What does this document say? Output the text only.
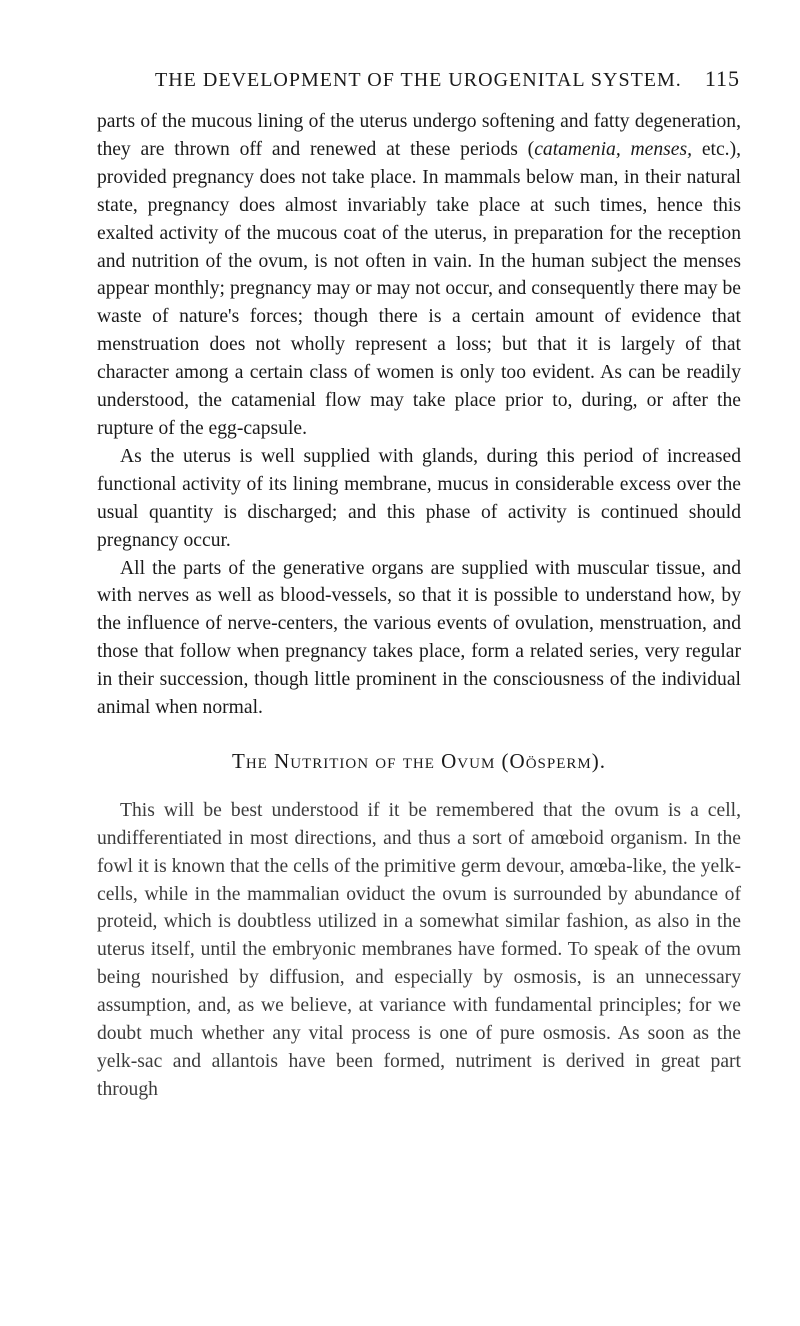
THE DEVELOPMENT OF THE UROGENITAL SYSTEM.	115

parts of the mucous lining of the uterus undergo softening and fatty degeneration, they are thrown off and renewed at these periods (catamenia, menses, etc.), provided pregnancy does not take place. In mammals below man, in their natural state, pregnancy does almost invariably take place at such times, hence this exalted activity of the mucous coat of the uterus, in preparation for the reception and nutrition of the ovum, is not often in vain. In the human subject the menses appear monthly; pregnancy may or may not occur, and consequently there may be waste of nature's forces; though there is a certain amount of evidence that menstruation does not wholly represent a loss; but that it is largely of that character among a certain class of women is only too evident. As can be readily understood, the catamenial flow may take place prior to, during, or after the rupture of the egg-capsule.

As the uterus is well supplied with glands, during this period of increased functional activity of its lining membrane, mucus in considerable excess over the usual quantity is discharged; and this phase of activity is continued should pregnancy occur.

All the parts of the generative organs are supplied with muscular tissue, and with nerves as well as blood-vessels, so that it is possible to understand how, by the influence of nerve-centers, the various events of ovulation, menstruation, and those that follow when pregnancy takes place, form a related series, very regular in their succession, though little prominent in the consciousness of the individual animal when normal.

The Nutrition of the Ovum (Oösperm).

This will be best understood if it be remembered that the ovum is a cell, undifferentiated in most directions, and thus a sort of amœboid organism. In the fowl it is known that the cells of the primitive germ devour, amœba-like, the yelk-cells, while in the mammalian oviduct the ovum is surrounded by abundance of proteid, which is doubtless utilized in a somewhat similar fashion, as also in the uterus itself, until the embryonic membranes have formed. To speak of the ovum being nourished by diffusion, and especially by osmosis, is an unnecessary assumption, and, as we believe, at variance with fundamental principles; for we doubt much whether any vital process is one of pure osmosis. As soon as the yelk-sac and allantois have been formed, nutriment is derived in great part through
